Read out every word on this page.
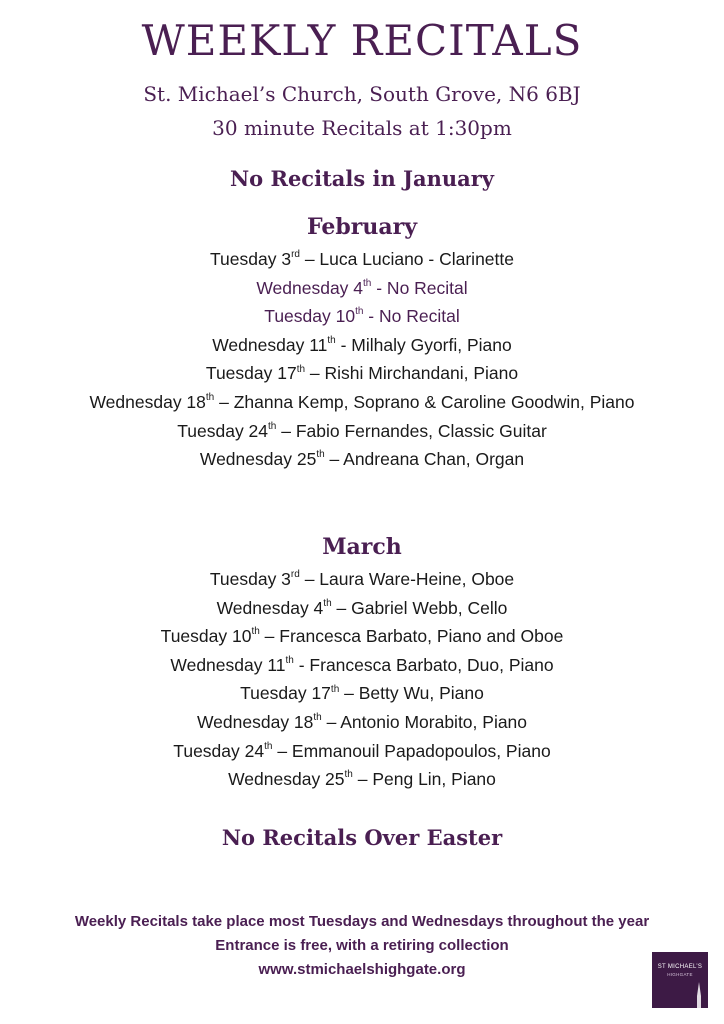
WEEKLY RECITALS
St. Michael’s Church, South Grove, N6 6BJ
30 minute Recitals at 1:30pm
No Recitals in January
February
Tuesday 3rd – Luca Luciano - Clarinette
Wednesday 4th - No Recital
Tuesday 10th - No Recital
Wednesday 11th - Milhaly Gyorfi, Piano
Tuesday 17th – Rishi Mirchandani, Piano
Wednesday 18th – Zhanna Kemp, Soprano & Caroline Goodwin, Piano
Tuesday 24th – Fabio Fernandes, Classic Guitar
Wednesday 25th – Andreana Chan, Organ
March
Tuesday 3rd – Laura Ware-Heine, Oboe
Wednesday 4th – Gabriel Webb, Cello
Tuesday 10th – Francesca Barbato, Piano and Oboe
Wednesday 11th - Francesca Barbato, Duo, Piano
Tuesday 17th – Betty Wu, Piano
Wednesday 18th – Antonio Morabito, Piano
Tuesday 24th – Emmanouil Papadopoulos, Piano
Wednesday 25th – Peng Lin, Piano
No Recitals Over Easter
Weekly Recitals take place most Tuesdays and Wednesdays throughout the year
Entrance is free, with a retiring collection
www.stmichaelshighgate.org	ST MICHAEL’S
HIGHGATE
